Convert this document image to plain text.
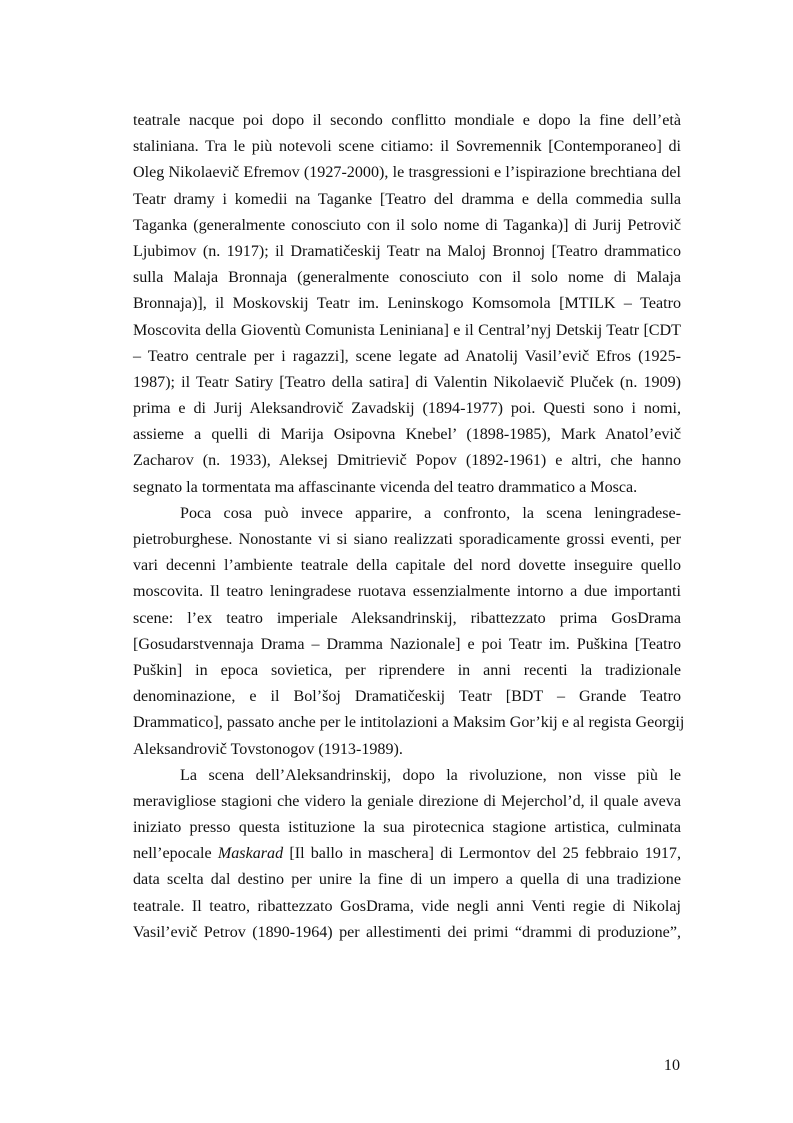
teatrale nacque poi dopo il secondo conflitto mondiale e dopo la fine dell’età
staliniana. Tra le più notevoli scene citiamo: il Sovremennik [Contemporaneo] di
Oleg Nikolaevič Efremov (1927-2000), le trasgressioni e l’ispirazione brechtiana del
Teatr dramy i komedii na Taganke [Teatro del dramma e della commedia sulla
Taganka (generalmente conosciuto con il solo nome di Taganka)] di Jurij Petrovič
Ljubimov (n. 1917); il Dramatičeskij Teatr na Maloj Bronnoj [Teatro drammatico
sulla Malaja Bronnaja (generalmente conosciuto con il solo nome di Malaja
Bronnaja)], il Moskovskij Teatr im. Leninskogo Komsomola [MTILK – Teatro
Moscovita della Gioventù Comunista Leniniana] e il Central’nyj Detskij Teatr [CDT
– Teatro centrale per i ragazzi], scene legate ad Anatolij Vasil’evič Efros (1925-
1987); il Teatr Satiry [Teatro della satira] di Valentin Nikolaevič Pluček (n. 1909)
prima e di Jurij Aleksandrovič Zavadskij (1894-1977) poi. Questi sono i nomi,
assieme a quelli di Marija Osipovna Knebel’ (1898-1985), Mark Anatol’evič
Zacharov (n. 1933), Aleksej Dmitrievič Popov (1892-1961) e altri, che hanno
segnato la tormentata ma affascinante vicenda del teatro drammatico a Mosca.
Poca cosa può invece apparire, a confronto, la scena leningradese-
pietroburghese. Nonostante vi si siano realizzati sporadicamente grossi eventi, per
vari decenni l’ambiente teatrale della capitale del nord dovette inseguire quello
moscovita. Il teatro leningradese ruotava essenzialmente intorno a due importanti
scene: l’ex teatro imperiale Aleksandrinskij, ribattezzato prima GosDrama
[Gosudarstvennaja Drama – Dramma Nazionale] e poi Teatr im. Puškina [Teatro
Puškin] in epoca sovietica, per riprendere in anni recenti la tradizionale
denominazione, e il Bol’šoj Dramatičeskij Teatr [BDT – Grande Teatro
Drammatico], passato anche per le intitolazioni a Maksim Gor’kij e al regista Georgij
Aleksandrovič Tovstonogov (1913-1989).
La scena dell’Aleksandrinskij, dopo la rivoluzione, non visse più le
meravigliose stagioni che videro la geniale direzione di Mejerchol’d, il quale aveva
iniziato presso questa istituzione la sua pirotecnica stagione artistica, culminata
nell’epocale Maskarad [Il ballo in maschera] di Lermontov del 25 febbraio 1917,
data scelta dal destino per unire la fine di un impero a quella di una tradizione
teatrale. Il teatro, ribattezzato GosDrama, vide negli anni Venti regie di Nikolaj
Vasil’evič Petrov (1890-1964) per allestimenti dei primi “drammi di produzione”,
10
